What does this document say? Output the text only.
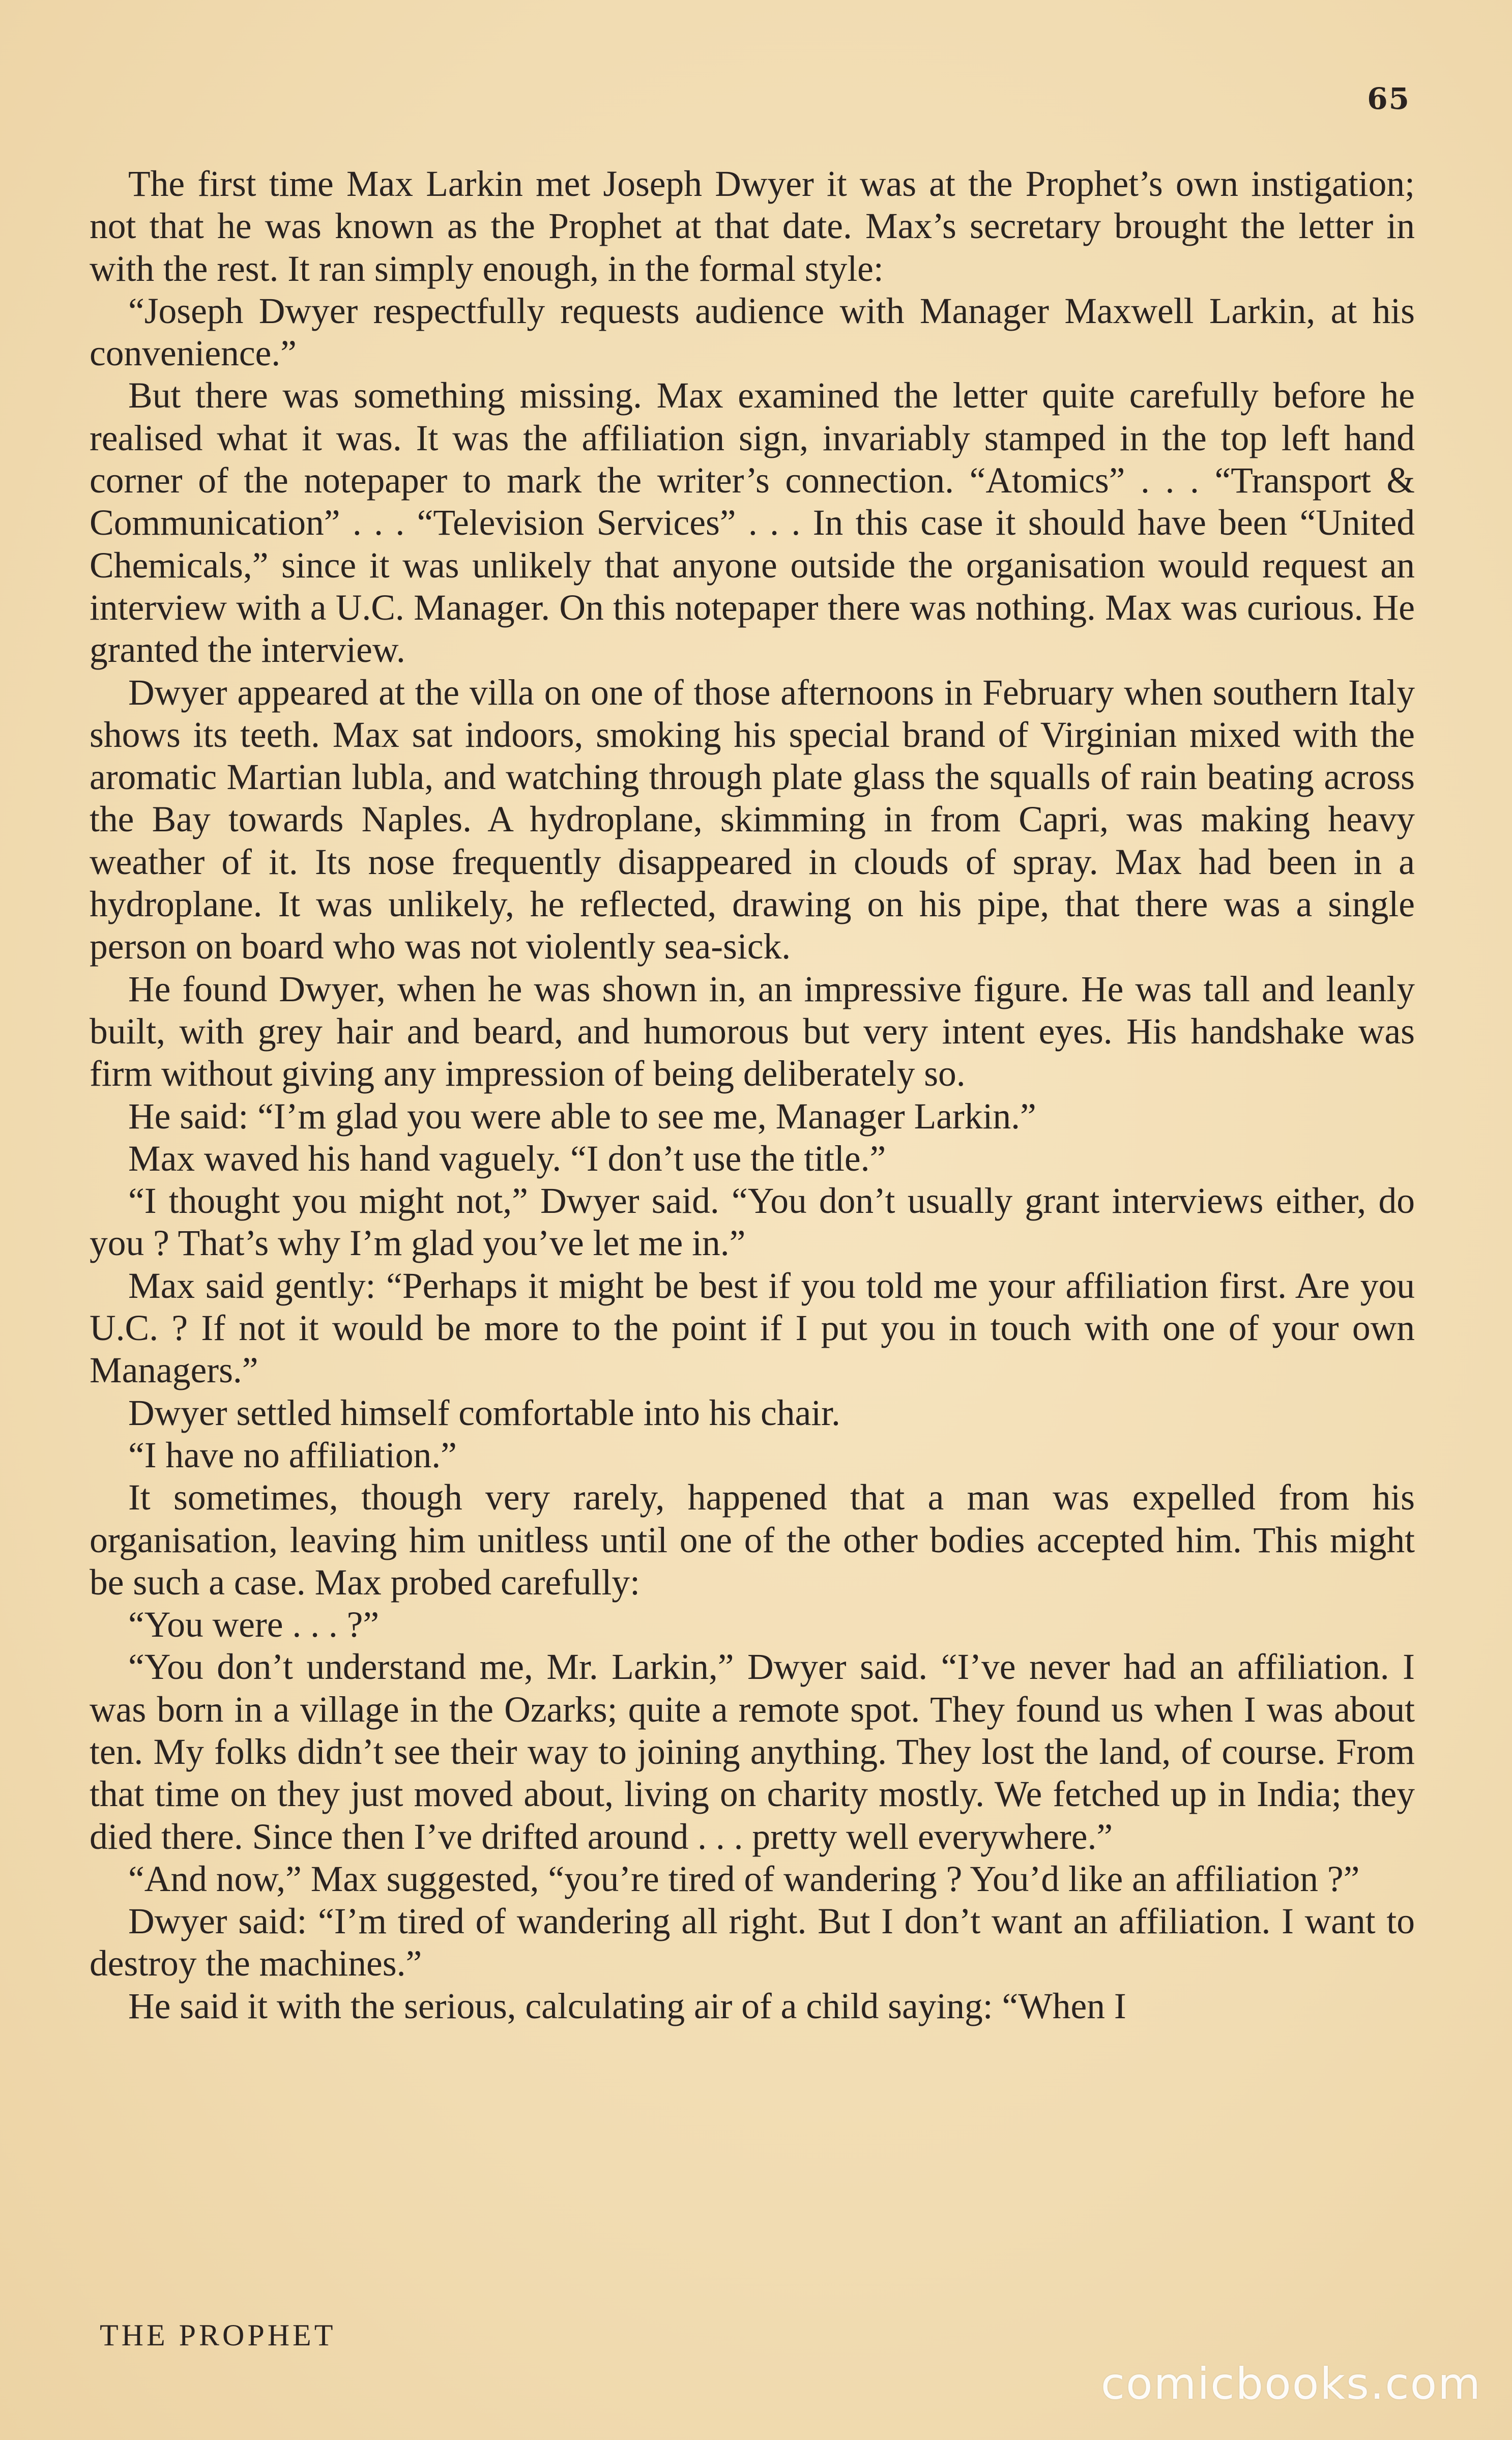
65

The first time Max Larkin met Joseph Dwyer it was at the Prophet’s own instigation; not that he was known as the Prophet at that date. Max’s secretary brought the letter in with the rest. It ran simply enough, in the formal style:

“Joseph Dwyer respectfully requests audience with Manager Maxwell Larkin, at his convenience.”

But there was something missing. Max examined the letter quite carefully before he realised what it was. It was the affiliation sign, invariably stamped in the top left hand corner of the notepaper to mark the writer’s connection. “Atomics” . . . “Transport & Communication” . . . “Television Services” . . . In this case it should have been “United Chemicals,” since it was unlikely that anyone outside the organisation would request an interview with a U.C. Manager. On this notepaper there was nothing. Max was curious. He granted the interview.

Dwyer appeared at the villa on one of those afternoons in February when southern Italy shows its teeth. Max sat indoors, smoking his special brand of Virginian mixed with the aromatic Martian lubla, and watching through plate glass the squalls of rain beating across the Bay towards Naples. A hydroplane, skimming in from Capri, was making heavy weather of it. Its nose frequently disappeared in clouds of spray. Max had been in a hydroplane. It was unlikely, he reflected, drawing on his pipe, that there was a single person on board who was not violently sea-sick.

He found Dwyer, when he was shown in, an impressive figure. He was tall and leanly built, with grey hair and beard, and humorous but very intent eyes. His handshake was firm without giving any impression of being deliberately so.

He said: “I’m glad you were able to see me, Manager Larkin.”

Max waved his hand vaguely. “I don’t use the title.”

“I thought you might not,” Dwyer said. “You don’t usually grant interviews either, do you ? That’s why I’m glad you’ve let me in.”

Max said gently: “Perhaps it might be best if you told me your affiliation first. Are you U.C. ? If not it would be more to the point if I put you in touch with one of your own Managers.”

Dwyer settled himself comfortable into his chair.

“I have no affiliation.”

It sometimes, though very rarely, happened that a man was expelled from his organisation, leaving him unitless until one of the other bodies accepted him. This might be such a case. Max probed carefully:

“You were . . . ?”

“You don’t understand me, Mr. Larkin,” Dwyer said. “I’ve never had an affiliation. I was born in a village in the Ozarks; quite a remote spot. They found us when I was about ten. My folks didn’t see their way to joining anything. They lost the land, of course. From that time on they just moved about, living on charity mostly. We fetched up in India; they died there. Since then I’ve drifted around . . . pretty well everywhere.”

“And now,” Max suggested, “you’re tired of wandering ? You’d like an affiliation ?”

Dwyer said: “I’m tired of wandering all right. But I don’t want an affiliation. I want to destroy the machines.”

He said it with the serious, calculating air of a child saying: “When I

THE PROPHET
comicbooks.com
